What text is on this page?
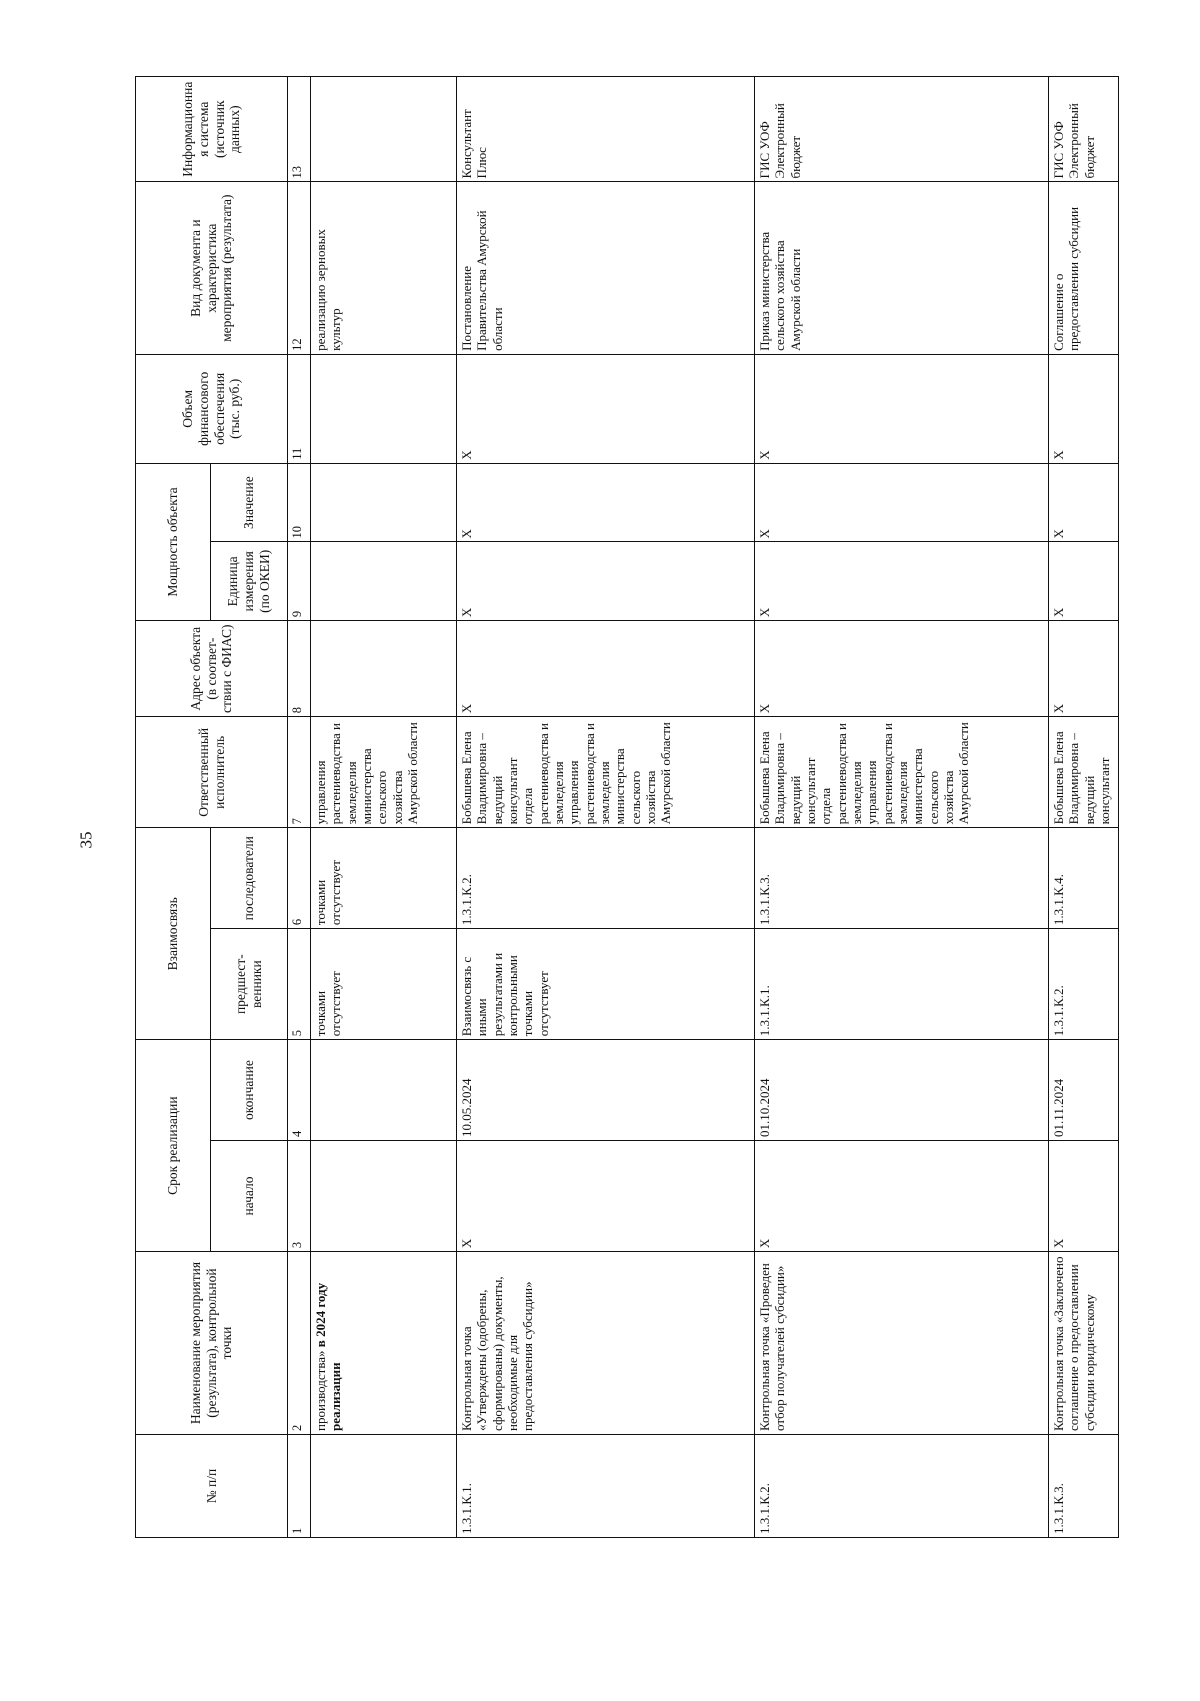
35
№ п/п	Наименование мероприятия (результата), контрольной точки	Срок реализации		Взаимосвязь		Ответственный исполнитель	Адрес объекта (в соответ-ствии с ФИАС)	Мощность объекта		Объем финансового обеспечения (тыс. руб.)	Вид документа и характеристика мероприятия (результата)	Информационная система (источник данных)
		начало	окончание	предшест-венники	последователи			Единица измерения (по ОКЕИ)	Значение			
1	2	3	4	5	6	7	8	9	10	11	12	13
	производства» в 2024 году реализации			точками отсутствует	точками отсутствует	управления растениеводства и земледелия министерства сельского хозяйства Амурской области					реализацию зерновых культур	
1.3.1.К.1.	Контрольная точка «Утверждены (одобрены, сформированы) документы, необходимые для предоставления субсидии»	X	10.05.2024	Взаимосвязь с иными результатами и контрольными точками отсутствует	1.3.1.К.2.	Бобышева Елена Владимировна – ведущий консультант отдела растениеводства и земледелия управления растениеводства и земледелия министерства сельского хозяйства Амурской области	X	X	X	X	Постановление Правительства Амурской области	Консультант Плюс
1.3.1.К.2.	Контрольная точка «Проведен отбор получателей субсидии»	X	01.10.2024	1.3.1.К.1.	1.3.1.К.3.	Бобышева Елена Владимировна – ведущий консультант отдела растениеводства и земледелия управления растениеводства и земледелия министерства сельского хозяйства Амурской области	X	X	X	X	Приказ министерства сельского хозяйства Амурской области	ГИС УОФ Электронный бюджет
1.3.1.К.3.	Контрольная точка «Заключено соглашение о предоставлении субсидии юридическому	X	01.11.2024	1.3.1.К.2.	1.3.1.К.4.	Бобышева Елена Владимировна – ведущий консультант	X	X	X	X	Соглашение о предоставлении субсидии	ГИС УОФ Электронный бюджет
